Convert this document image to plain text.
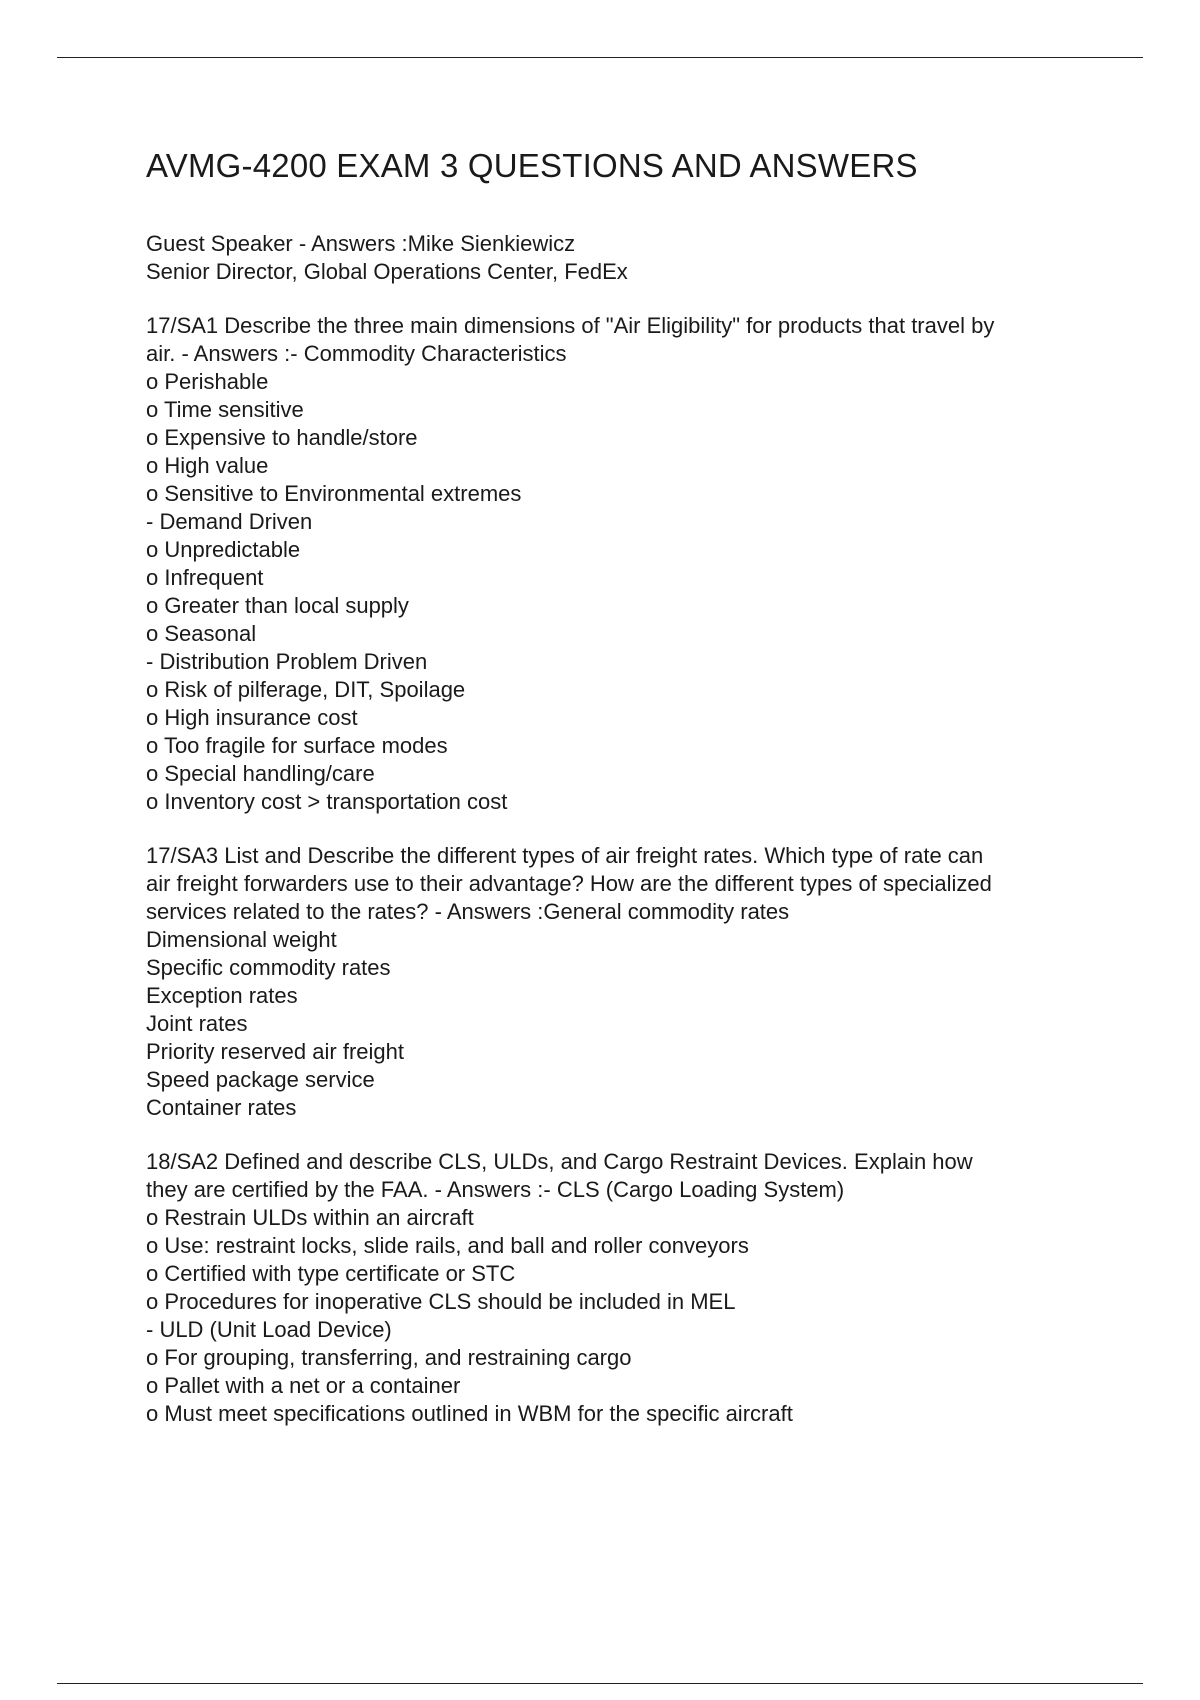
AVMG-4200 EXAM 3 QUESTIONS AND ANSWERS
Guest Speaker - Answers :Mike Sienkiewicz
Senior Director, Global Operations Center, FedEx
17/SA1 Describe the three main dimensions of "Air Eligibility" for products that travel by
air. - Answers :- Commodity Characteristics
o Perishable
o Time sensitive
o Expensive to handle/store
o High value
o Sensitive to Environmental extremes
- Demand Driven
o Unpredictable
o Infrequent
o Greater than local supply
o Seasonal
- Distribution Problem Driven
o Risk of pilferage, DIT, Spoilage
o High insurance cost
o Too fragile for surface modes
o Special handling/care
o Inventory cost > transportation cost
17/SA3 List and Describe the different types of air freight rates. Which type of rate can
air freight forwarders use to their advantage? How are the different types of specialized
services related to the rates? - Answers :General commodity rates
Dimensional weight
Specific commodity rates
Exception rates
Joint rates
Priority reserved air freight
Speed package service
Container rates
18/SA2 Defined and describe CLS, ULDs, and Cargo Restraint Devices. Explain how
they are certified by the FAA. - Answers :- CLS (Cargo Loading System)
o Restrain ULDs within an aircraft
o Use: restraint locks, slide rails, and ball and roller conveyors
o Certified with type certificate or STC
o Procedures for inoperative CLS should be included in MEL
- ULD (Unit Load Device)
o For grouping, transferring, and restraining cargo
o Pallet with a net or a container
o Must meet specifications outlined in WBM for the specific aircraft
